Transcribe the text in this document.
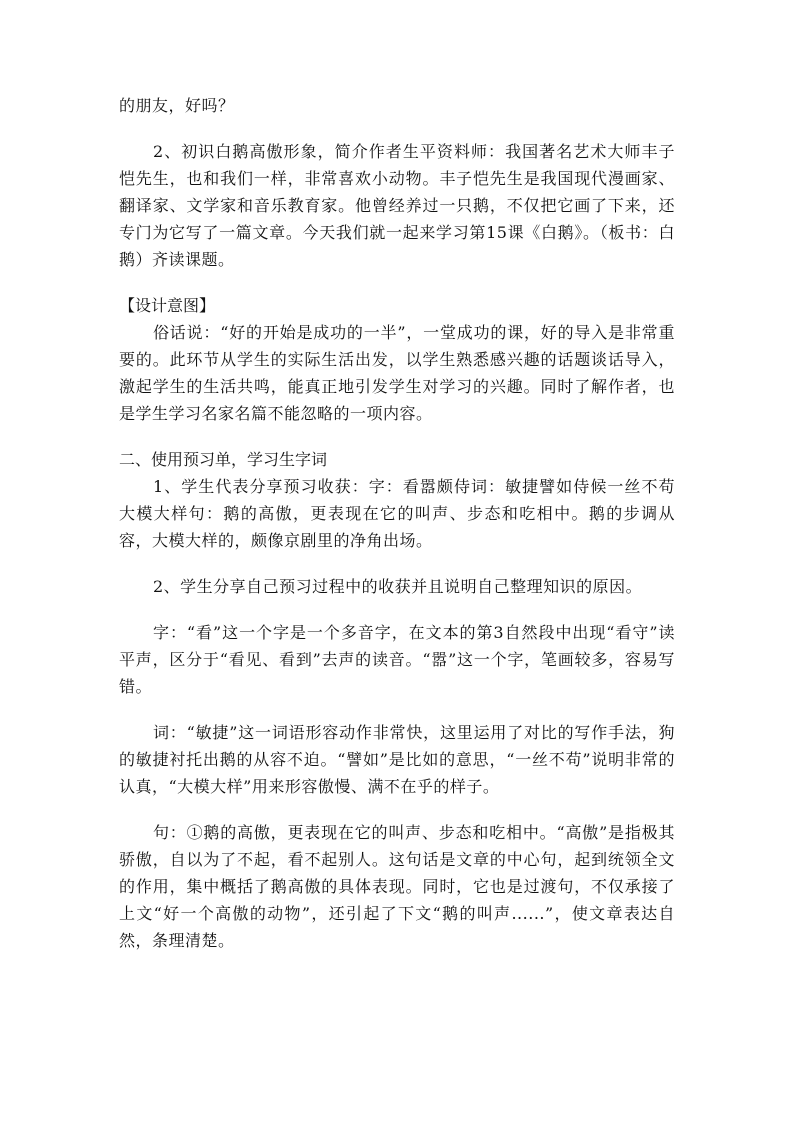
的朋友，好吗？

2、初识白鹅高傲形象，简介作者生平资料师：我国著名艺术大师丰子恺先生，也和我们一样，非常喜欢小动物。丰子恺先生是我国现代漫画家、翻译家、文学家和音乐教育家。他曾经养过一只鹅，不仅把它画了下来，还专门为它写了一篇文章。今天我们就一起来学习第15课《白鹅》。（板书：白鹅）齐读课题。

【设计意图】

俗话说：“好的开始是成功的一半”，一堂成功的课，好的导入是非常重要的。此环节从学生的实际生活出发，以学生熟悉感兴趣的话题谈话导入，激起学生的生活共鸣，能真正地引发学生对学习的兴趣。同时了解作者，也是学生学习名家名篇不能忽略的一项内容。

二、使用预习单，学习生字词

1、学生代表分享预习收获：字：看嚣颇侍词：敏捷譬如侍候一丝不苟大模大样句：鹅的高傲，更表现在它的叫声、步态和吃相中。鹅的步调从容，大模大样的，颇像京剧里的净角出场。

2、学生分享自己预习过程中的收获并且说明自己整理知识的原因。

字：“看”这一个字是一个多音字，在文本的第3自然段中出现“看守”读平声，区分于“看见、看到”去声的读音。“嚣”这一个字，笔画较多，容易写错。

词：“敏捷”这一词语形容动作非常快，这里运用了对比的写作手法，狗的敏捷衬托出鹅的从容不迫。“譬如”是比如的意思，“一丝不苟”说明非常的认真，“大模大样”用来形容傲慢、满不在乎的样子。

句：①鹅的高傲，更表现在它的叫声、步态和吃相中。“高傲”是指极其骄傲，自以为了不起，看不起别人。这句话是文章的中心句，起到统领全文的作用，集中概括了鹅高傲的具体表现。同时，它也是过渡句，不仅承接了上文“好一个高傲的动物”，还引起了下文“鹅的叫声......”，使文章表达自然，条理清楚。
